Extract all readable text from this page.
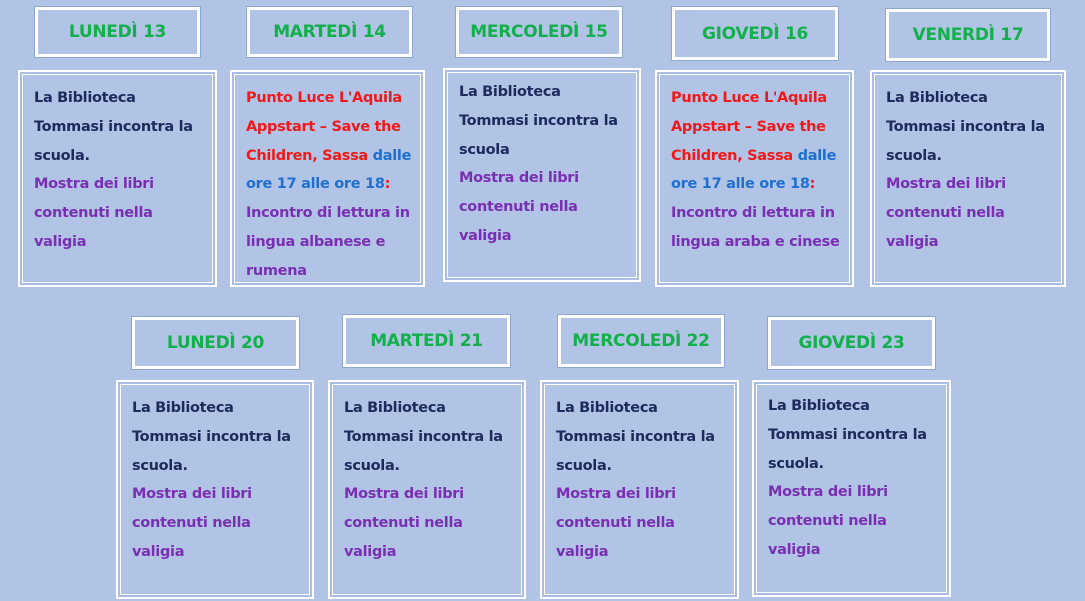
LUNEDÌ 13	MARTEDÌ 14	MERCOLEDÌ 15	GIOVEDÌ 16	VENERDÌ 17
La Biblioteca
Tommasi incontra la
scuola.
Mostra dei libri
contenuti nella valigia
Punto Luce L'Aquila
Appstart – Save the
Children, Sassa dalle
ore 17 alle ore 18:
Incontro di lettura in
lingua albanese e
rumena
La Biblioteca
Tommasi incontra la
scuola
Mostra dei libri
contenuti nella valigia
Punto Luce L'Aquila
Appstart – Save the
Children, Sassa dalle
ore 17 alle ore 18:
Incontro di lettura in
lingua araba e cinese
La Biblioteca
Tommasi incontra la
scuola.
Mostra dei libri
contenuti nella valigia
LUNEDÌ 20	MARTEDÌ 21	MERCOLEDÌ 22	GIOVEDÌ 23
La Biblioteca
Tommasi incontra la
scuola.
Mostra dei libri
contenuti nella valigia
La Biblioteca
Tommasi incontra la
scuola.
Mostra dei libri
contenuti nella valigia
La Biblioteca
Tommasi incontra la
scuola.
Mostra dei libri
contenuti nella valigia
La Biblioteca
Tommasi incontra la
scuola.
Mostra dei libri
contenuti nella valigia
